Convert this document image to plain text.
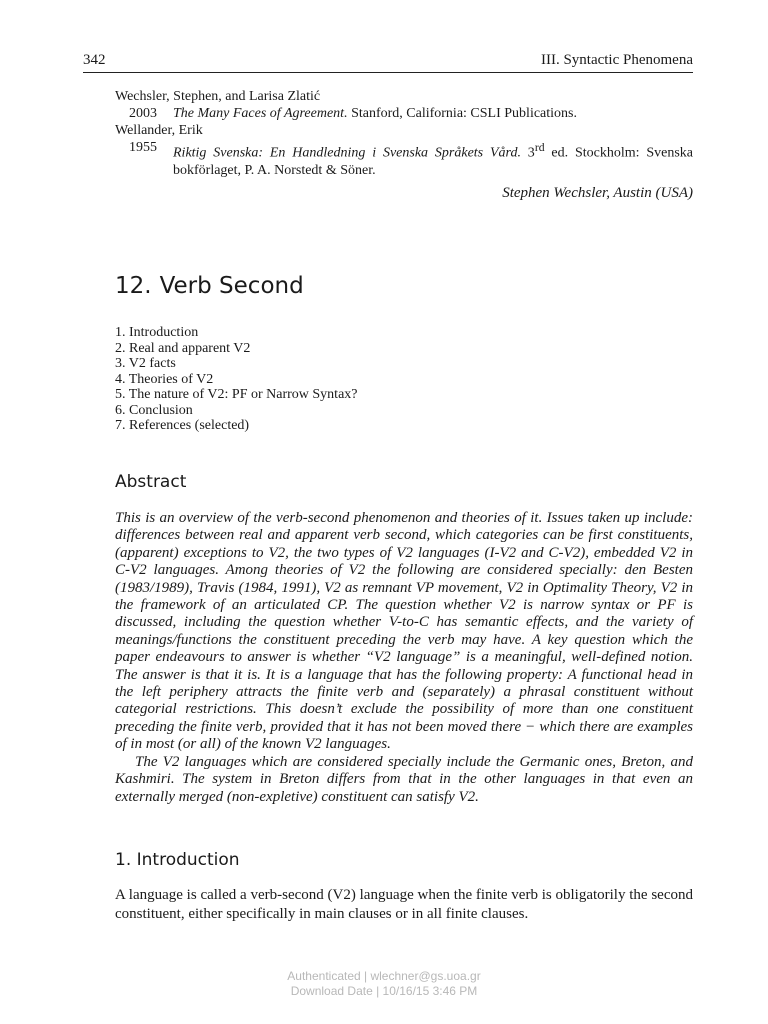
342	III. Syntactic Phenomena

Wechsler, Stephen, and Larisa Zlatić

2003	The Many Faces of Agreement. Stanford, California: CSLI Publications.

Wellander, Erik

1955	Riktig Svenska: En Handledning i Svenska Språkets Vård. 3rd ed. Stockholm: Svenska bokförlaget, P. A. Norstedt & Söner.
Stephen Wechsler, Austin (USA)
12. Verb Second
1. Introduction
2. Real and apparent V2
3. V2 facts
4. Theories of V2
5. The nature of V2: PF or Narrow Syntax?
6. Conclusion
7. References (selected)
Abstract

This is an overview of the verb-second phenomenon and theories of it. Issues taken up include: differences between real and apparent verb second, which categories can be first constituents, (apparent) exceptions to V2, the two types of V2 languages (I-V2 and C-V2), embedded V2 in C-V2 languages. Among theories of V2 the following are considered specially: den Besten (1983/1989), Travis (1984, 1991), V2 as remnant VP movement, V2 in Optimality Theory, V2 in the framework of an articulated CP. The question whether V2 is narrow syntax or PF is discussed, including the question whether V-to-C has semantic effects, and the variety of meanings/functions the constituent preceding the verb may have. A key question which the paper endeavours to answer is whether “V2 language” is a meaningful, well-defined notion. The answer is that it is. It is a language that has the following property: A functional head in the left periphery attracts the finite verb and (separately) a phrasal constituent without categorial restrictions. This doesn’t exclude the possibility of more than one constituent preceding the finite verb, provided that it has not been moved there − which there are examples of in most (or all) of the known V2 languages.

The V2 languages which are considered specially include the Germanic ones, Breton, and Kashmiri. The system in Breton differs from that in the other languages in that even an externally merged (non-expletive) constituent can satisfy V2.

1. Introduction

A language is called a verb-second (V2) language when the finite verb is obligatorily the second constituent, either specifically in main clauses or in all finite clauses.

Authenticated | wlechner@gs.uoa.gr
Download Date | 10/16/15 3:46 PM
